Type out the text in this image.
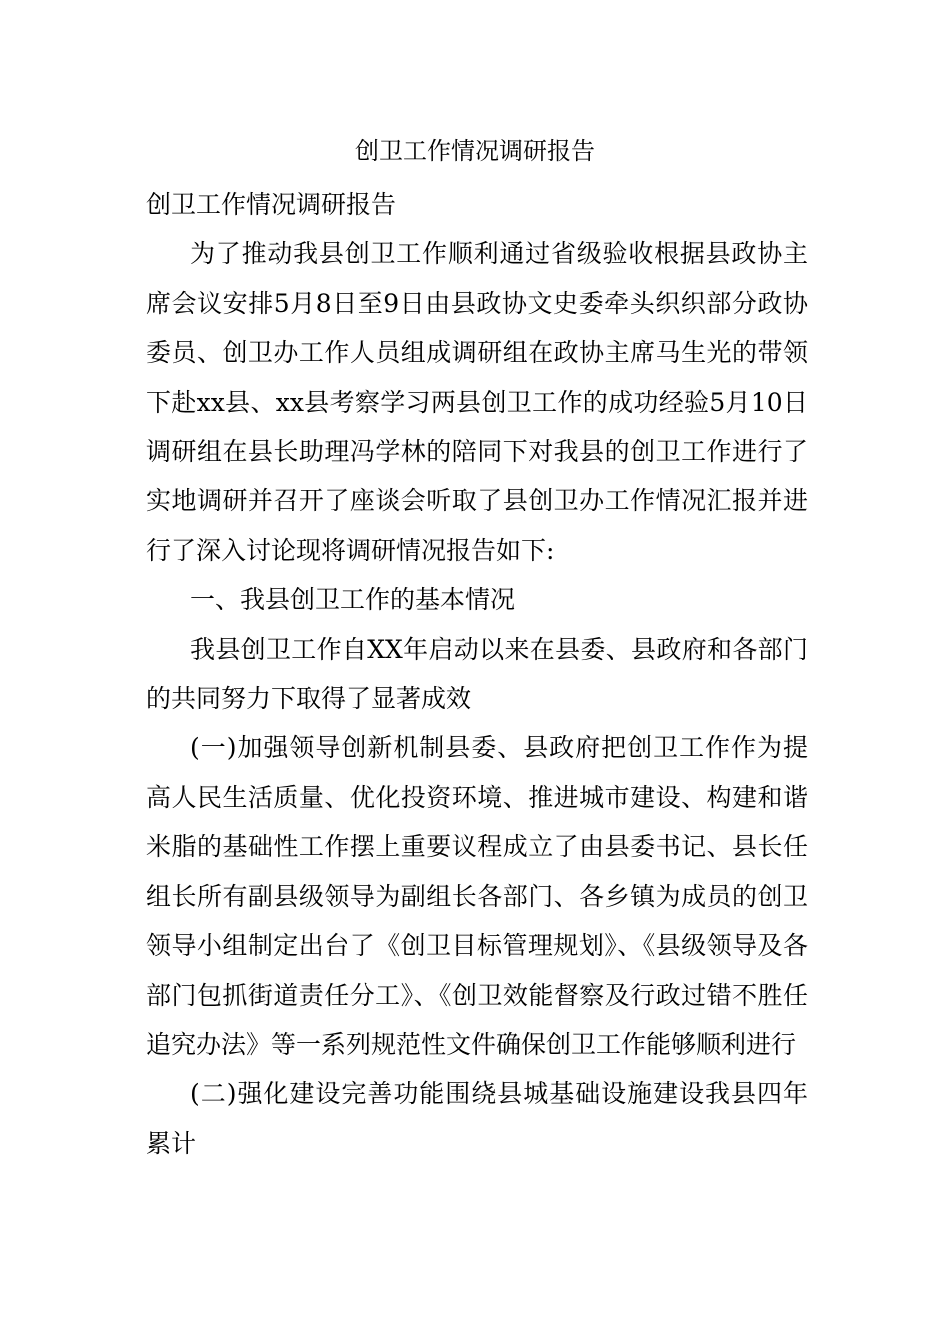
创卫工作情况调研报告

创卫工作情况调研报告

为了推动我县创卫工作顺利通过省级验收根据县政协主席会议安排5月8日至9日由县政协文史委牵头织织部分政协委员、创卫办工作人员组成调研组在政协主席马生光的带领下赴xx县、xx县考察学习两县创卫工作的成功经验5月10日调研组在县长助理冯学林的陪同下对我县的创卫工作进行了实地调研并召开了座谈会听取了县创卫办工作情况汇报并进行了深入讨论现将调研情况报告如下:

一、我县创卫工作的基本情况

我县创卫工作自XX年启动以来在县委、县政府和各部门的共同努力下取得了显著成效

(一)加强领导创新机制县委、县政府把创卫工作作为提高人民生活质量、优化投资环境、推进城市建设、构建和谐米脂的基础性工作摆上重要议程成立了由县委书记、县长任组长所有副县级领导为副组长各部门、各乡镇为成员的创卫领导小组制定出台了《创卫目标管理规划》、《县级领导及各部门包抓街道责任分工》、《创卫效能督察及行政过错不胜任追究办法》等一系列规范性文件确保创卫工作能够顺利进行

(二)强化建设完善功能围绕县城基础设施建设我县四年累计
